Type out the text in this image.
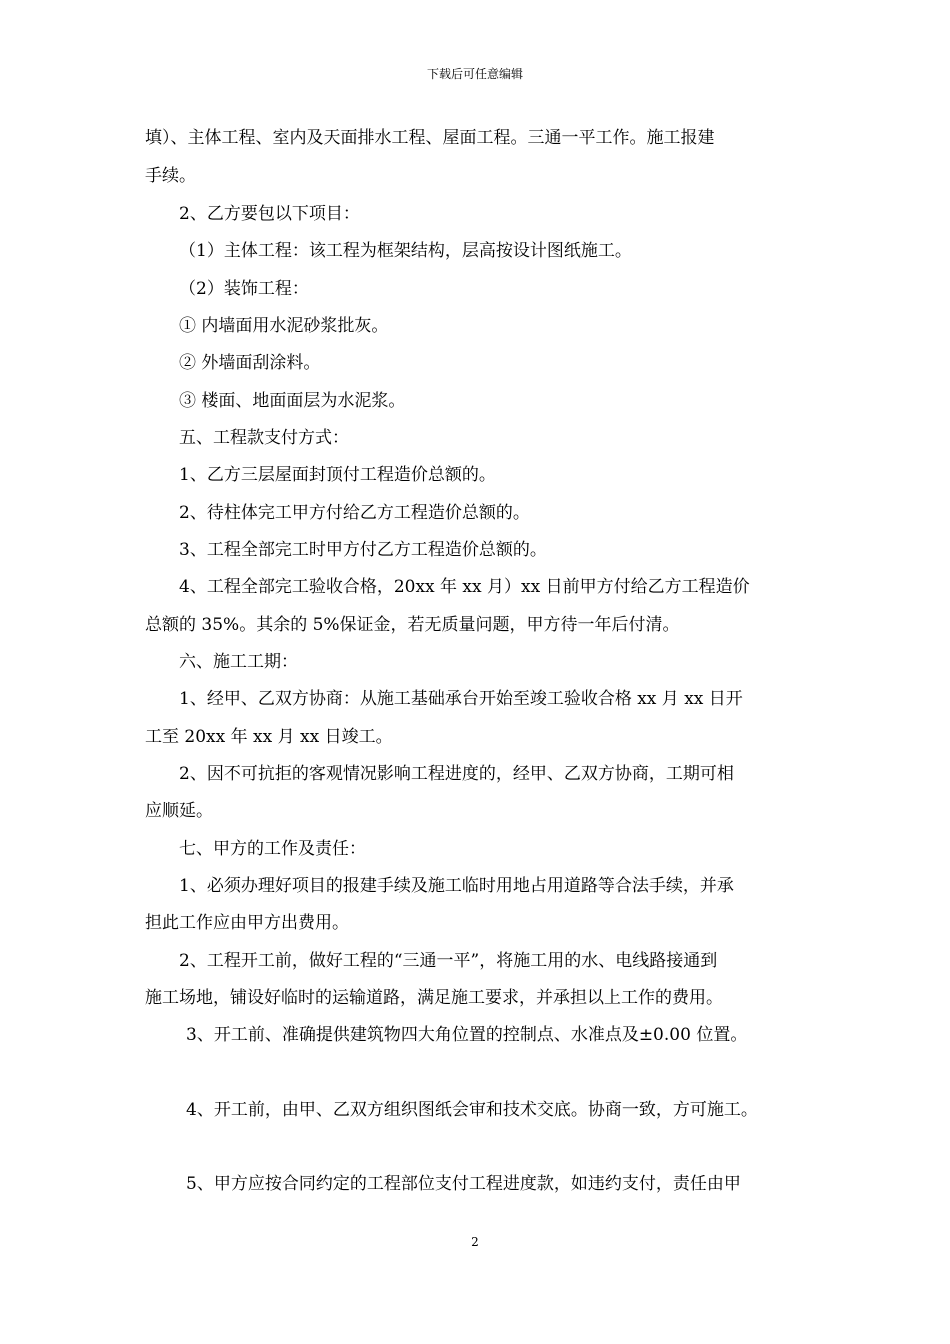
下载后可任意编辑
填）、主体工程、室内及天面排水工程、屋面工程。三通一平工作。施工报建
手续。
2、乙方要包以下项目：
（1）主体工程：该工程为框架结构，层高按设计图纸施工。
（2）装饰工程：
① 内墙面用水泥砂浆批灰。
② 外墙面刮涂料。
③ 楼面、地面面层为水泥浆。
五、工程款支付方式：
1、乙方三层屋面封顶付工程造价总额的。
2、待柱体完工甲方付给乙方工程造价总额的。
3、工程全部完工时甲方付乙方工程造价总额的。
4、工程全部完工验收合格，20xx 年 xx 月）xx 日前甲方付给乙方工程造价
总额的 35%。其余的 5%保证金，若无质量问题，甲方待一年后付清。
六、施工工期：
1、经甲、乙双方协商：从施工基础承台开始至竣工验收合格 xx 月 xx 日开
工至 20xx 年 xx 月 xx 日竣工。
2、因不可抗拒的客观情况影响工程进度的，经甲、乙双方协商，工期可相
应顺延。
七、甲方的工作及责任：
1、必须办理好项目的报建手续及施工临时用地占用道路等合法手续，并承
担此工作应由甲方出费用。
2、工程开工前，做好工程的“三通一平”，将施工用的水、电线路接通到
施工场地，铺设好临时的运输道路，满足施工要求，并承担以上工作的费用。
3、开工前、准确提供建筑物四大角位置的控制点、水准点及±0.00 位置。
4、开工前，由甲、乙双方组织图纸会审和技术交底。协商一致，方可施工。
5、甲方应按合同约定的工程部位支付工程进度款，如违约支付，责任由甲
2
